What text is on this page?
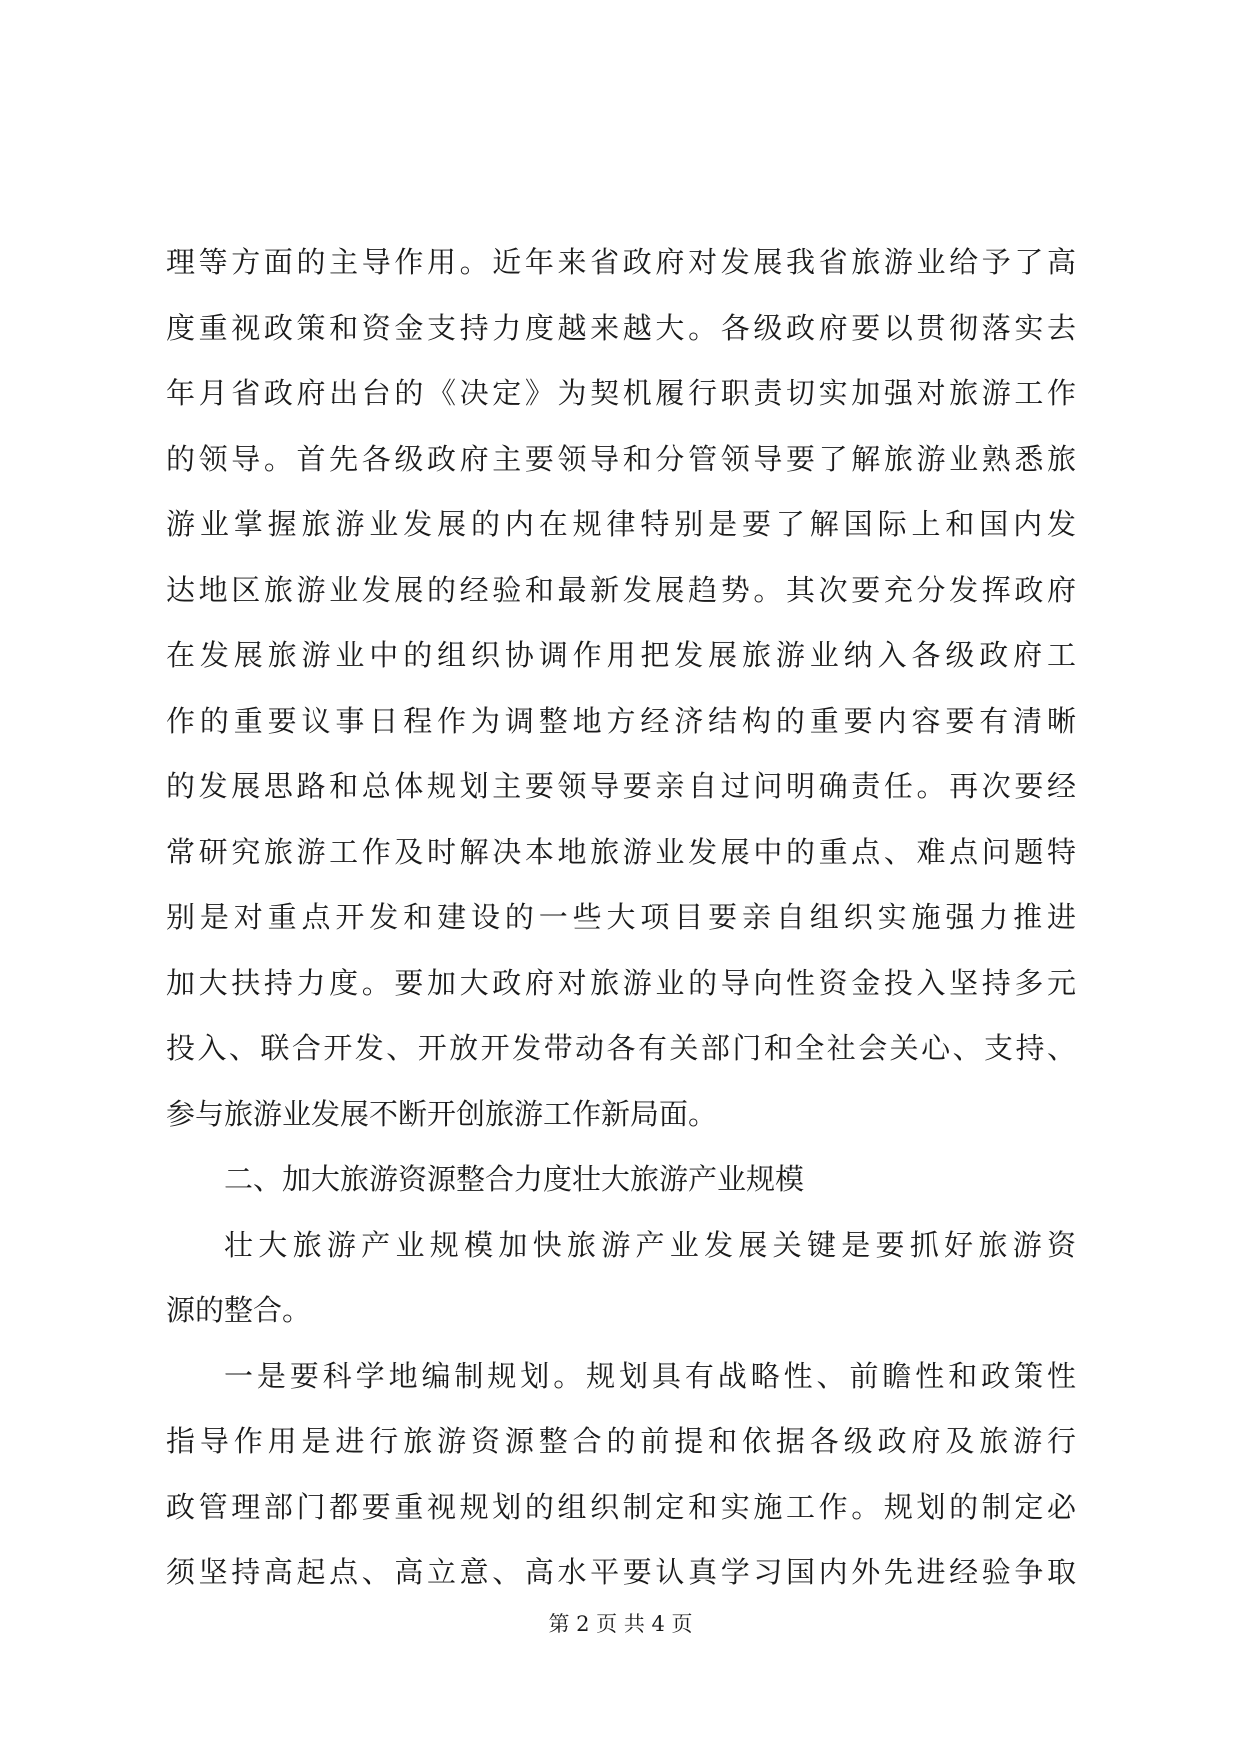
理等方面的主导作用。近年来省政府对发展我省旅游业给予了高
度重视政策和资金支持力度越来越大。各级政府要以贯彻落实去
年月省政府出台的《决定》为契机履行职责切实加强对旅游工作
的领导。首先各级政府主要领导和分管领导要了解旅游业熟悉旅
游业掌握旅游业发展的内在规律特别是要了解国际上和国内发
达地区旅游业发展的经验和最新发展趋势。其次要充分发挥政府
在发展旅游业中的组织协调作用把发展旅游业纳入各级政府工
作的重要议事日程作为调整地方经济结构的重要内容要有清晰
的发展思路和总体规划主要领导要亲自过问明确责任。再次要经
常研究旅游工作及时解决本地旅游业发展中的重点、难点问题特
别是对重点开发和建设的一些大项目要亲自组织实施强力推进
加大扶持力度。要加大政府对旅游业的导向性资金投入坚持多元
投入、联合开发、开放开发带动各有关部门和全社会关心、支持、
参与旅游业发展不断开创旅游工作新局面。
二、加大旅游资源整合力度壮大旅游产业规模
壮大旅游产业规模加快旅游产业发展关键是要抓好旅游资
源的整合。
一是要科学地编制规划。规划具有战略性、前瞻性和政策性
指导作用是进行旅游资源整合的前提和依据各级政府及旅游行
政管理部门都要重视规划的组织制定和实施工作。规划的制定必
须坚持高起点、高立意、高水平要认真学习国内外先进经验争取
第 2 页 共 4 页
